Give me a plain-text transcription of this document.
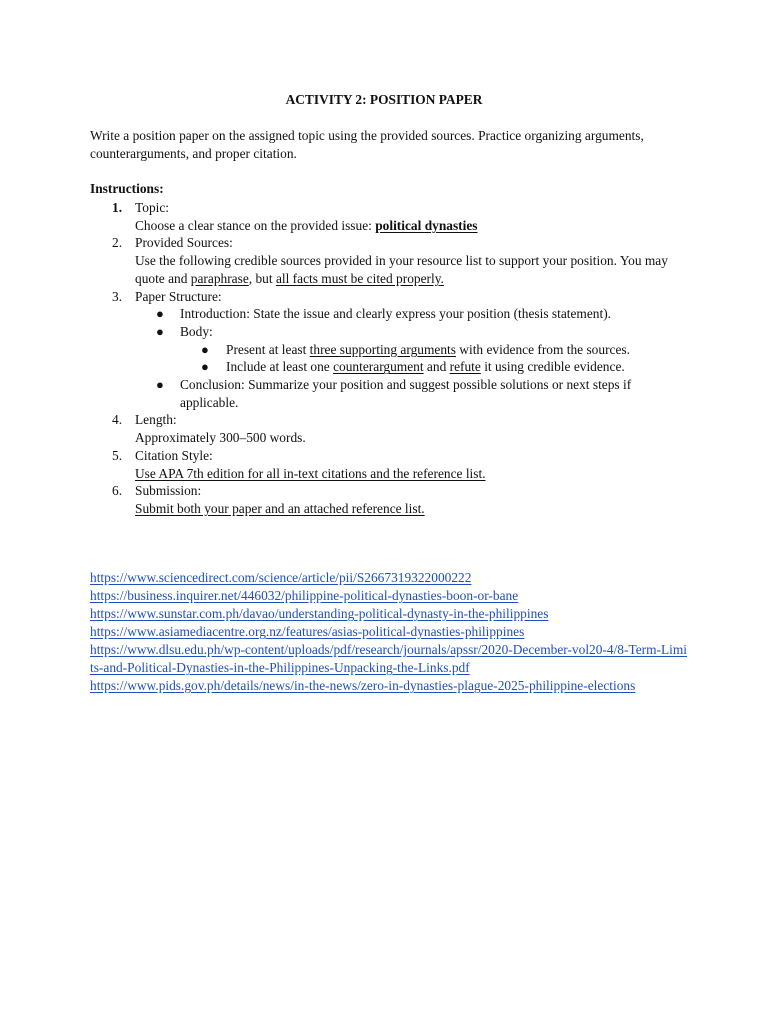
ACTIVITY 2: POSITION PAPER
Write a position paper on the assigned topic using the provided sources. Practice organizing arguments, counterarguments, and proper citation.
Instructions:
1. Topic:
Choose a clear stance on the provided issue: political dynasties
2. Provided Sources:
Use the following credible sources provided in your resource list to support your position. You may quote and paraphrase, but all facts must be cited properly.
3. Paper Structure:
● Introduction: State the issue and clearly express your position (thesis statement).
● Body:
● Present at least three supporting arguments with evidence from the sources.
● Include at least one counterargument and refute it using credible evidence.
● Conclusion: Summarize your position and suggest possible solutions or next steps if applicable.
4. Length:
Approximately 300–500 words.
5. Citation Style:
Use APA 7th edition for all in-text citations and the reference list.
6. Submission:
Submit both your paper and an attached reference list.
https://www.sciencedirect.com/science/article/pii/S2667319322000222
https://business.inquirer.net/446032/philippine-political-dynasties-boon-or-bane
https://www.sunstar.com.ph/davao/understanding-political-dynasty-in-the-philippines
https://www.asiamediacentre.org.nz/features/asias-political-dynasties-philippines
https://www.dlsu.edu.ph/wp-content/uploads/pdf/research/journals/apssr/2020-December-vol20-4/8-Term-Limits-and-Political-Dynasties-in-the-Philippines-Unpacking-the-Links.pdf
https://www.pids.gov.ph/details/news/in-the-news/zero-in-dynasties-plague-2025-philippine-elections
